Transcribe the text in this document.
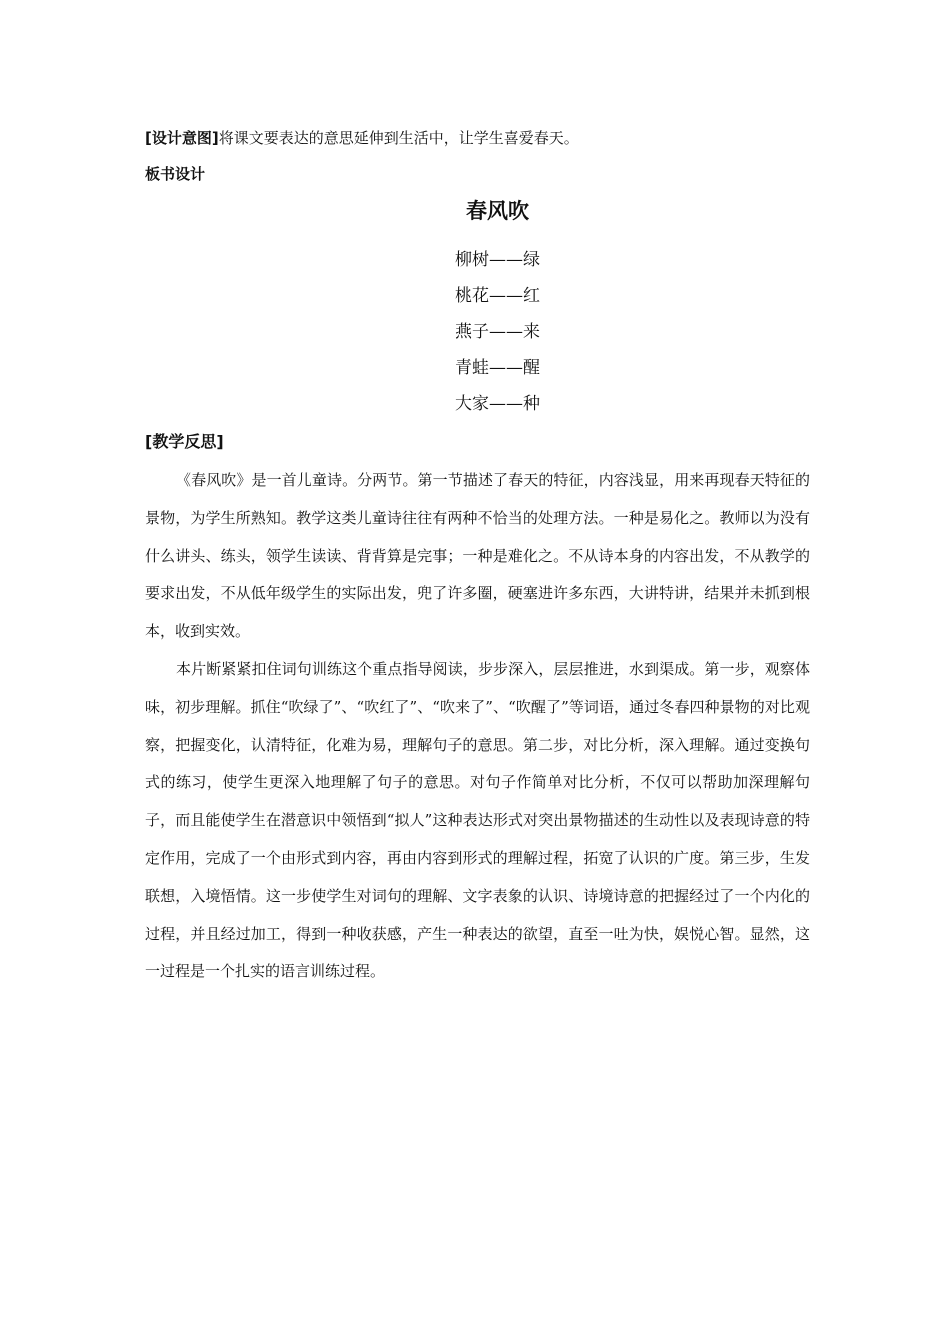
[设计意图]将课文要表达的意思延伸到生活中，让学生喜爱春天。

板书设计

春风吹

柳树——绿

桃花——红

燕子——来

青蛙——醒

大家——种

[教学反思]

《春风吹》是一首儿童诗。分两节。第一节描述了春天的特征，内容浅显，用来再现春天特征的景物，为学生所熟知。教学这类儿童诗往往有两种不恰当的处理方法。一种是易化之。教师以为没有什么讲头、练头，领学生读读、背背算是完事；一种是难化之。不从诗本身的内容出发，不从教学的要求出发，不从低年级学生的实际出发，兜了许多圈，硬塞进许多东西，大讲特讲，结果并未抓到根本，收到实效。

本片断紧紧扣住词句训练这个重点指导阅读，步步深入，层层推进，水到渠成。第一步，观察体味，初步理解。抓住“吹绿了”、“吹红了”、“吹来了”、“吹醒了”等词语，通过冬春四种景物的对比观察，把握变化，认清特征，化难为易，理解句子的意思。第二步，对比分析，深入理解。通过变换句式的练习，使学生更深入地理解了句子的意思。对句子作简单对比分析，不仅可以帮助加深理解句子，而且能使学生在潜意识中领悟到“拟人”这种表达形式对突出景物描述的生动性以及表现诗意的特定作用，完成了一个由形式到内容，再由内容到形式的理解过程，拓宽了认识的广度。第三步，生发联想，入境悟情。这一步使学生对词句的理解、文字表象的认识、诗境诗意的把握经过了一个内化的过程，并且经过加工，得到一种收获感，产生一种表达的欲望，直至一吐为快，娱悦心智。显然，这一过程是一个扎实的语言训练过程。
